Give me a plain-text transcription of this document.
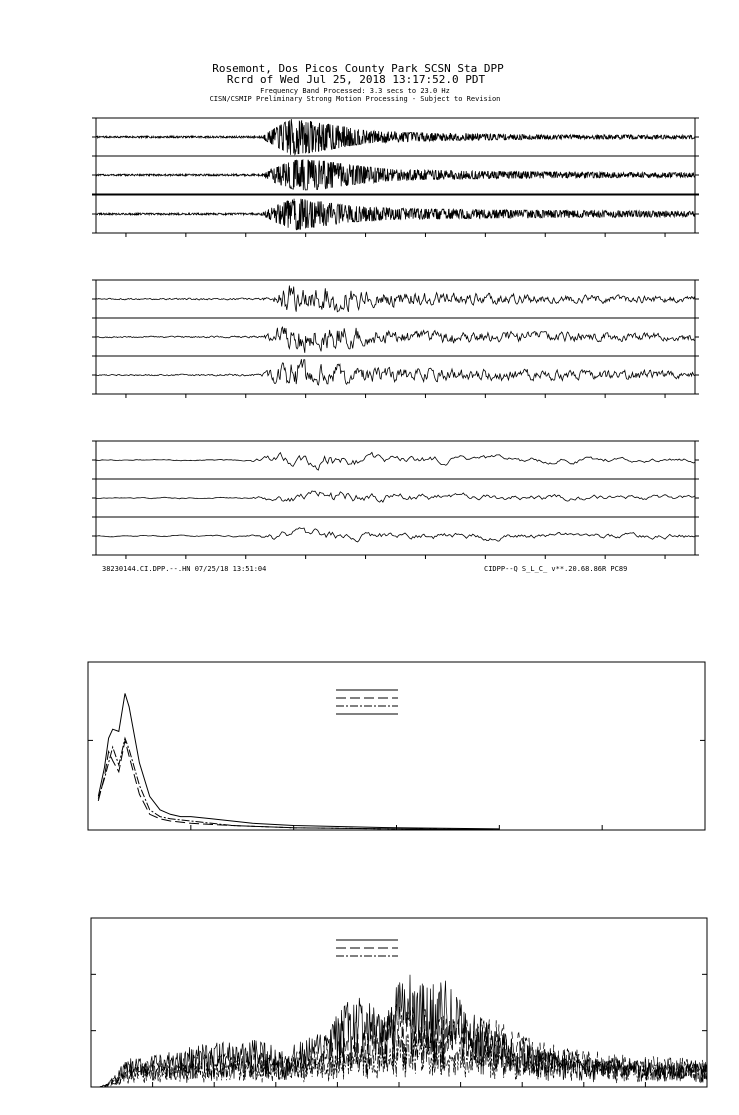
Rosemont, Dos Picos County Park SCSN Sta DPP
Rcrd of Wed Jul 25, 2018 13:17:52.0 PDT
Frequency Band Processed: 3.3 secs to 23.0 Hz
CISN/CSMIP Preliminary Strong Motion Processing - Subject to Revision
38230144.CI.DPP.--.HN 07/25/18 13:51:04	CIDPP--Q S_L_C_ v**.20.68.86R PC89
